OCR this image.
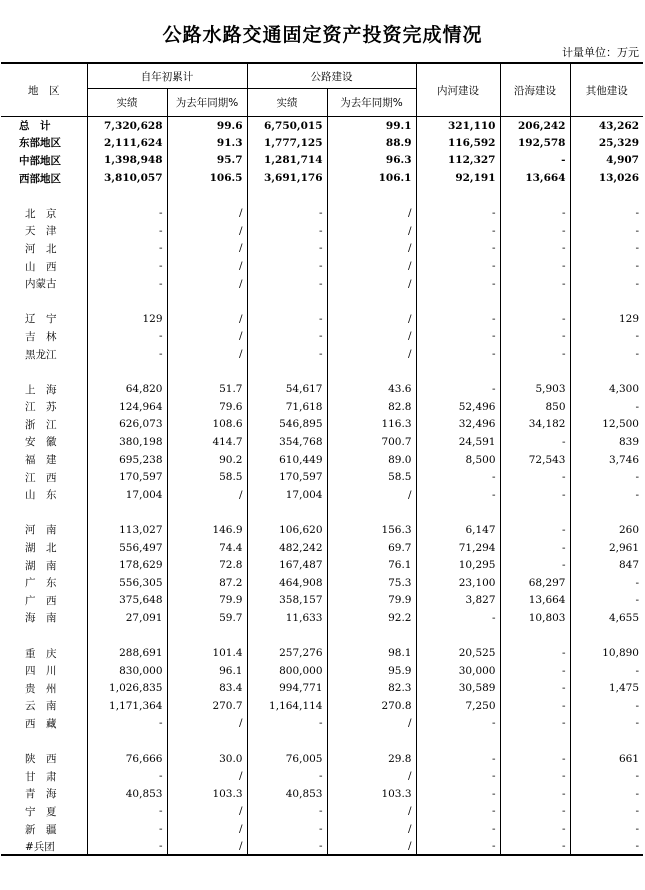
公路水路交通固定资产投资完成情况
计量单位：万元
地　区	自年初累计		公路建设		内河建设	沿海建设	其他建设
	实绩	为去年同期%	实绩	为去年同期%			
总　计	7,320,628	99.6	6,750,015	99.1	321,110	206,242	43,262
东部地区	2,111,624	91.3	1,777,125	88.9	116,592	192,578	25,329
中部地区	1,398,948	95.7	1,281,714	96.3	112,327	-	4,907
西部地区	3,810,057	106.5	3,691,176	106.1	92,191	13,664	13,026

北　京	-	/	-	/	-	-	-
天　津	-	/	-	/	-	-	-
河　北	-	/	-	/	-	-	-
山　西	-	/	-	/	-	-	-
内蒙古	-	/	-	/	-	-	-

辽　宁	129	/	-	/	-	-	129
吉　林	-	/	-	/	-	-	-
黑龙江	-	/	-	/	-	-	-

上　海	64,820	51.7	54,617	43.6	-	5,903	4,300
江　苏	124,964	79.6	71,618	82.8	52,496	850	-
浙　江	626,073	108.6	546,895	116.3	32,496	34,182	12,500
安　徽	380,198	414.7	354,768	700.7	24,591	-	839
福　建	695,238	90.2	610,449	89.0	8,500	72,543	3,746
江　西	170,597	58.5	170,597	58.5	-	-	-
山　东	17,004	/	17,004	/	-	-	-

河　南	113,027	146.9	106,620	156.3	6,147	-	260
湖　北	556,497	74.4	482,242	69.7	71,294	-	2,961
湖　南	178,629	72.8	167,487	76.1	10,295	-	847
广　东	556,305	87.2	464,908	75.3	23,100	68,297	-
广　西	375,648	79.9	358,157	79.9	3,827	13,664	-
海　南	27,091	59.7	11,633	92.2	-	10,803	4,655

重　庆	288,691	101.4	257,276	98.1	20,525	-	10,890
四　川	830,000	96.1	800,000	95.9	30,000	-	-
贵　州	1,026,835	83.4	994,771	82.3	30,589	-	1,475
云　南	1,171,364	270.7	1,164,114	270.8	7,250	-	-
西　藏	-	/	-	/	-	-	-

陕　西	76,666	30.0	76,005	29.8	-	-	661
甘　肃	-	/	-	/	-	-	-
青　海	40,853	103.3	40,853	103.3	-	-	-
宁　夏	-	/	-	/	-	-	-
新　疆	-	/	-	/	-	-	-
#兵团	-	/	-	/	-	-	-
